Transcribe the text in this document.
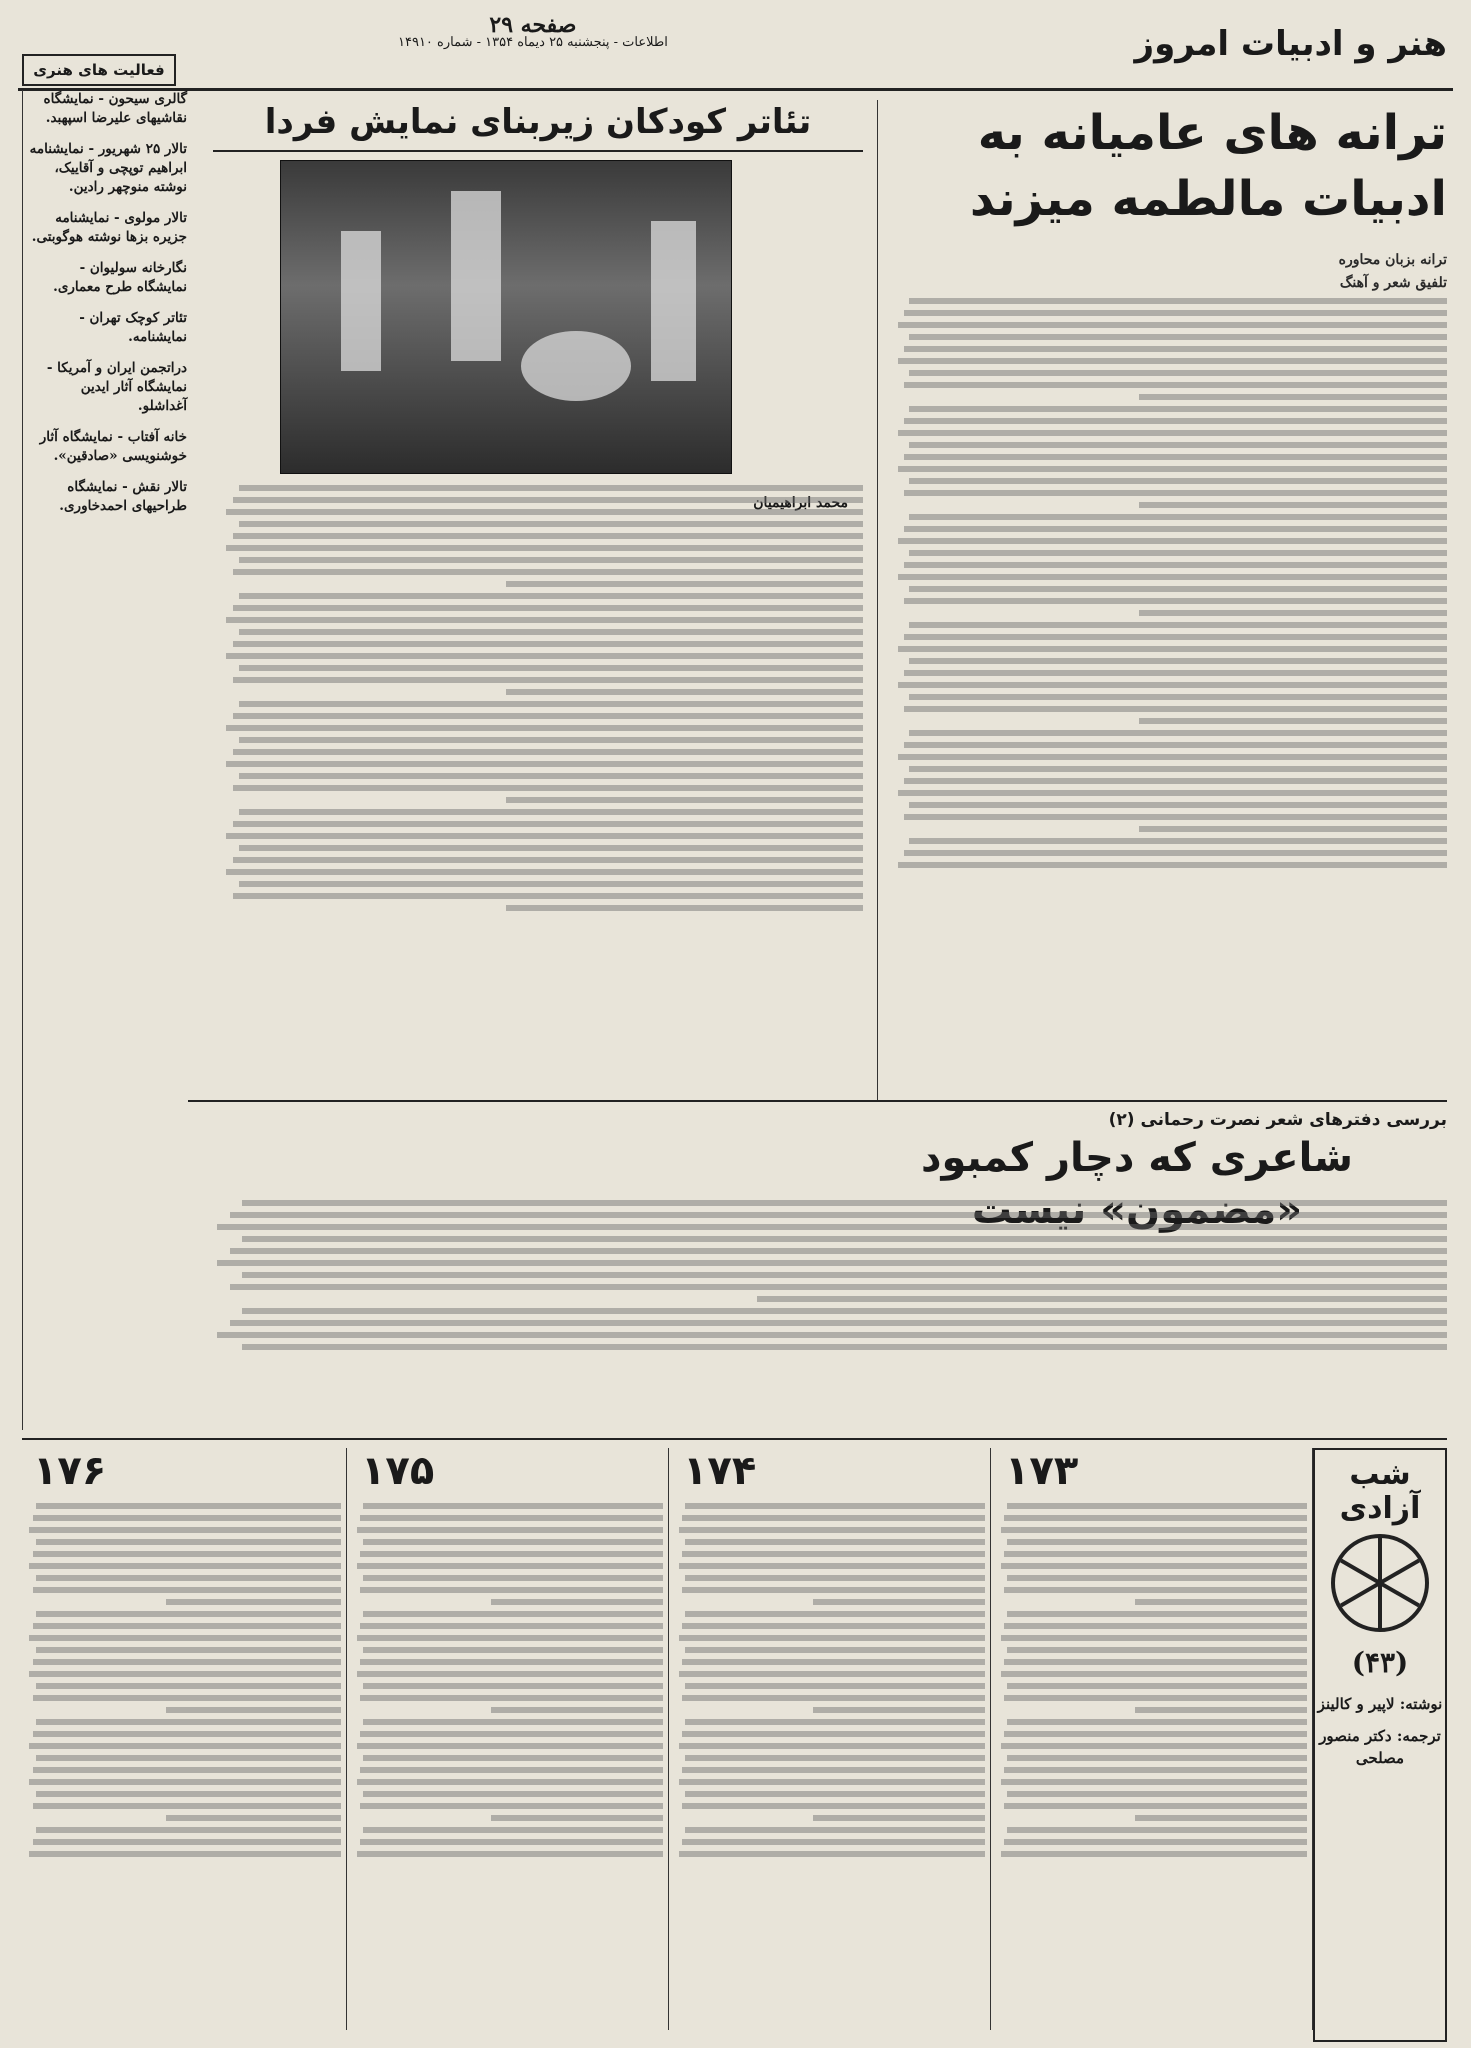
هنر و ادبیات امروز
صفحه ۲۹
اطلاعات - پنجشنبه ۲۵ دیماه ۱۳۵۴ - شماره ۱۴۹۱۰
فعالیت های هنری
گالری سیحون - نمایشگاه نقاشیهای علیرضا اسپهبد.
تالار ۲۵ شهریور - نمایشنامه ابراهیم توپچی و آقاییک، نوشته منوچهر رادین.
تالار مولوی - نمایشنامه جزیره بزها نوشته هوگوبتی.
نگارخانه سولیوان - نمایشگاه طرح معماری.
تئاتر کوچک تهران - نمایشنامه.
دراتجمن ایران و آمریکا - نمایشگاه آثار ایدین آغداشلو.
خانه آفتاب - نمایشگاه آثار خوشنویسی «صادقین».
تالار نقش - نمایشگاه طراحیهای احمدخاوری.
ترانه های عامیانه به ادبیات مالطمه میزند
ترانه بزبان محاوره
تلفیق شعر و آهنگ
تئاتر کودکان زیربنای نمایش فردا
محمد ابراهیمیان
بررسی دفترهای شعر نصرت رحمانی (۲)
شاعری که دچار کمبود «مضمون» نیست
شب آزادی
(۴۳)
نوشته: لاپیر و کالینز
ترجمه: دکتر منصور مصلحی
۱۷۳
۱۷۴
۱۷۵
۱۷۶
